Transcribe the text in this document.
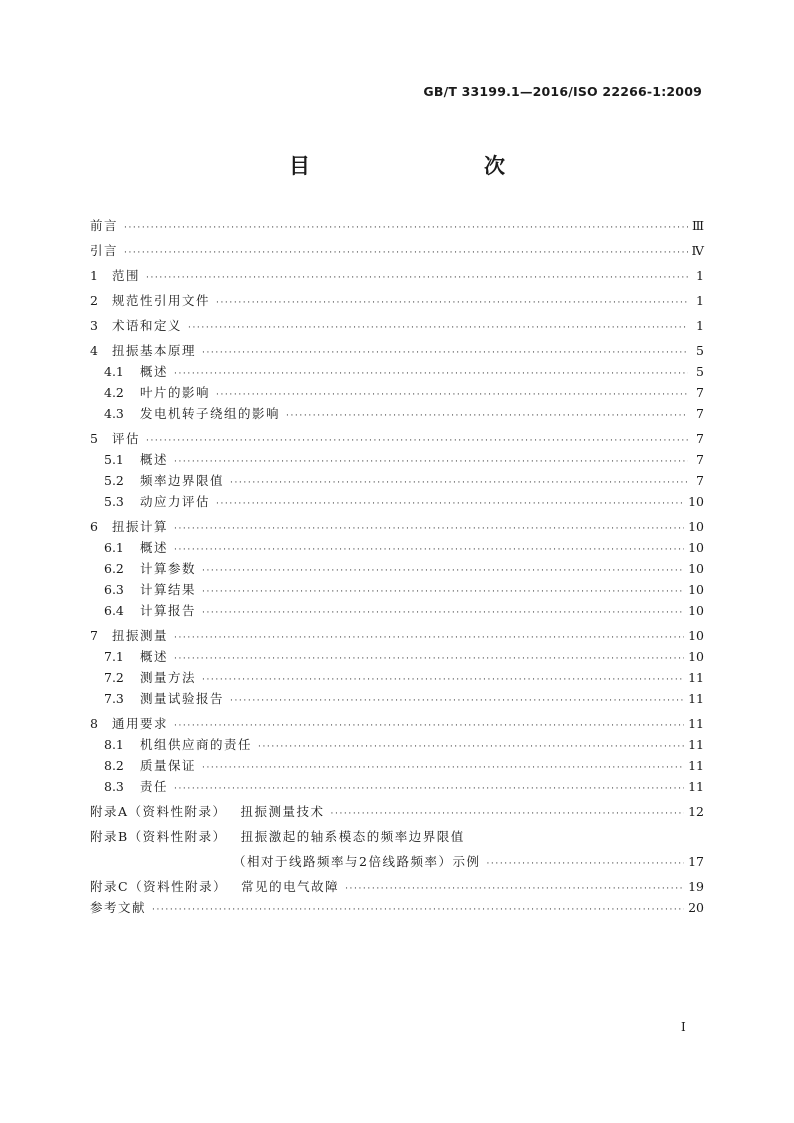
GB/T 33199.1—2016/ISO 22266-1:2009
目　　次
前言 ·····	Ⅲ
引言 ·····	Ⅳ
1	范围 ·····	1
2	规范性引用文件 ·····	1
3	术语和定义 ·····	1
4	扭振基本原理 ·····	5
4.1	概述 ·····	5
4.2	叶片的影响 ·····	7
4.3	发电机转子绕组的影响 ·····	7
5	评估 ·····	7
5.1	概述 ·····	7
5.2	频率边界限值 ·····	7
5.3	动应力评估 ·····	10
6	扭振计算 ·····	10
6.1	概述 ·····	10
6.2	计算参数 ·····	10
6.3	计算结果 ·····	10
6.4	计算报告 ·····	10
7	扭振测量 ·····	10
7.1	概述 ·····	10
7.2	测量方法 ·····	11
7.3	测量试验报告 ·····	11
8	通用要求 ·····	11
8.1	机组供应商的责任 ·····	11
8.2	质量保证 ·····	11
8.3	责任 ·····	11
附录A（资料性附录） 扭振测量技术 ·····	12
附录B（资料性附录） 扭振激起的轴系模态的频率边界限值
（相对于线路频率与2倍线路频率）示例 ·····	17
附录C（资料性附录） 常见的电气故障 ·····	19
参考文献 ·····	20
Ⅰ
